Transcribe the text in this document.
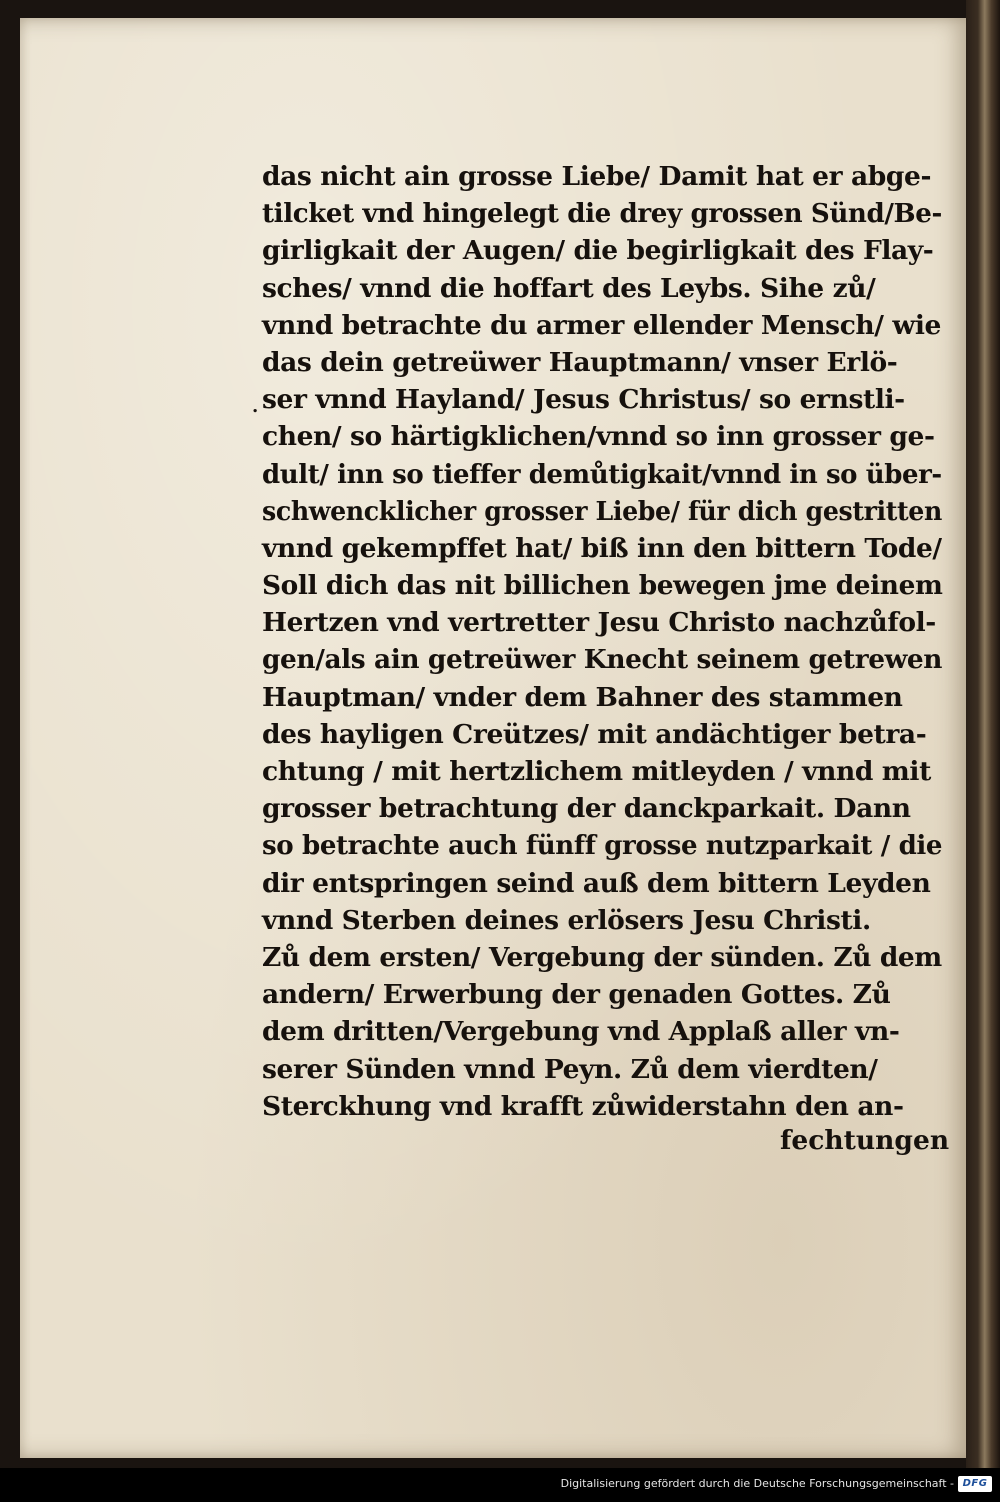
.
das nicht ain grosse Liebe/ Damit hat er abge-
tilcket vnd hingelegt die drey grossen Sünd/Be-
girligkait der Augen/ die begirligkait des Flay-
sches/ vnnd die hoffart des Leybs. Sihe zů/
vnnd betrachte du armer ellender Mensch/ wie
das dein getreüwer Hauptmann/ vnser Erlö-
ser vnnd Hayland/ Jesus Christus/ so ernstli-
chen/ so härtigklichen/vnnd so inn grosser ge-
dult/ inn so tieffer demůtigkait/vnnd in so über-
schwencklicher grosser Liebe/ für dich gestritten
vnnd gekempffet hat/ biß inn den bittern Tode/
Soll dich das nit billichen bewegen jme deinem
Hertzen vnd vertretter Jesu Christo nachzůfol-
gen/als ain getreüwer Knecht seinem getrewen
Hauptman/ vnder dem Bahner des stammen
des hayligen Creützes/ mit andächtiger betra-
chtung / mit hertzlichem mitleyden / vnnd mit
grosser betrachtung der danckparkait. Dann
so betrachte auch fünff grosse nutzparkait / die
dir entspringen seind auß dem bittern Leyden
vnnd Sterben deines erlösers Jesu Christi.
Zů dem ersten/ Vergebung der sünden. Zů dem
andern/ Erwerbung der genaden Gottes. Zů
dem dritten/Vergebung vnd Applaß aller vn-
serer Sünden vnnd Peyn. Zů dem vierdten/
Sterckhung vnd krafft zůwiderstahn den an-
fechtungen
Digitalisierung gefördert durch die Deutsche Forschungsgemeinschaft - DFG
